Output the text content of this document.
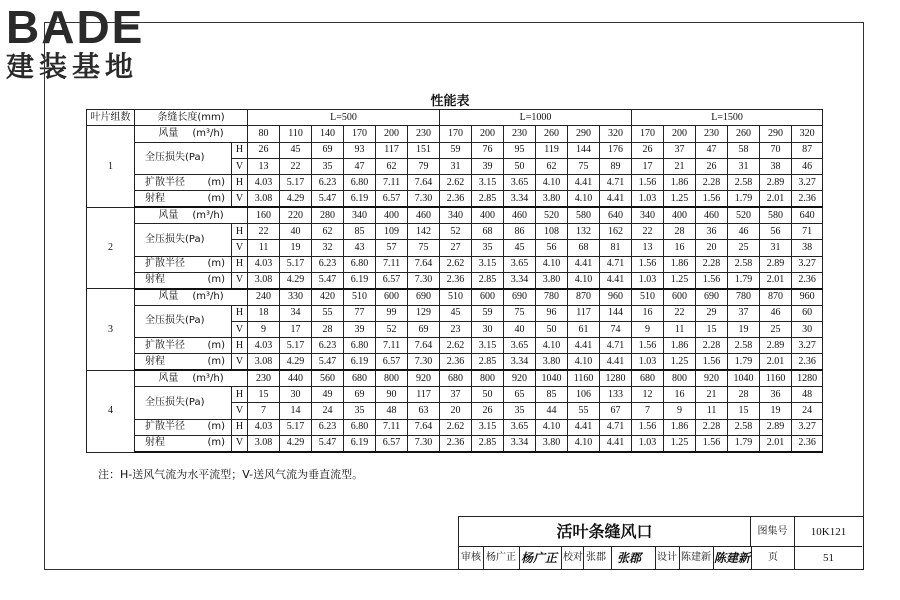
BADE
建装基地
性能表
叶片组数	条缝长度(mm)		L=500						L=1000						L=1500					
1	风量 (m³/h)		80	110	140	170	200	230	170	200	230	260	290	320	170	200	230	260	290	320
	全压损失(Pa)	H	26	45	69	93	117	151	59	76	95	119	144	176	26	37	47	58	70	87
		V	13	22	35	47	62	79	31	39	50	62	75	89	17	21	26	31	38	46
	扩散半径 (m)	H	4.03	5.17	6.23	6.80	7.11	7.64	2.62	3.15	3.65	4.10	4.41	4.71	1.56	1.86	2.28	2.58	2.89	3.27
	射程 (m)	V	3.08	4.29	5.47	6.19	6.57	7.30	2.36	2.85	3.34	3.80	4.10	4.41	1.03	1.25	1.56	1.79	2.01	2.36
2	风量 (m³/h)		160	220	280	340	400	460	340	400	460	520	580	640	340	400	460	520	580	640
	全压损失(Pa)	H	22	40	62	85	109	142	52	68	86	108	132	162	22	28	36	46	56	71
		V	11	19	32	43	57	75	27	35	45	56	68	81	13	16	20	25	31	38
	扩散半径 (m)	H	4.03	5.17	6.23	6.80	7.11	7.64	2.62	3.15	3.65	4.10	4.41	4.71	1.56	1.86	2.28	2.58	2.89	3.27
	射程 (m)	V	3.08	4.29	5.47	6.19	6.57	7.30	2.36	2.85	3.34	3.80	4.10	4.41	1.03	1.25	1.56	1.79	2.01	2.36
3	风量 (m³/h)		240	330	420	510	600	690	510	600	690	780	870	960	510	600	690	780	870	960
	全压损失(Pa)	H	18	34	55	77	99	129	45	59	75	96	117	144	16	22	29	37	46	60
		V	9	17	28	39	52	69	23	30	40	50	61	74	9	11	15	19	25	30
	扩散半径 (m)	H	4.03	5.17	6.23	6.80	7.11	7.64	2.62	3.15	3.65	4.10	4.41	4.71	1.56	1.86	2.28	2.58	2.89	3.27
	射程 (m)	V	3.08	4.29	5.47	6.19	6.57	7.30	2.36	2.85	3.34	3.80	4.10	4.41	1.03	1.25	1.56	1.79	2.01	2.36
4	风量 (m³/h)		230	440	560	680	800	920	680	800	920	1040	1160	1280	680	800	920	1040	1160	1280
	全压损失(Pa)	H	15	30	49	69	90	117	37	50	65	85	106	133	12	16	21	28	36	48
		V	7	14	24	35	48	63	20	26	35	44	55	67	7	9	11	15	19	24
	扩散半径 (m)	H	4.03	5.17	6.23	6.80	7.11	7.64	2.62	3.15	3.65	4.10	4.41	4.71	1.56	1.86	2.28	2.58	2.89	3.27
	射程 (m)	V	3.08	4.29	5.47	6.19	6.57	7.30	2.36	2.85	3.34	3.80	4.10	4.41	1.03	1.25	1.56	1.79	2.01	2.36
注：H-送风气流为水平流型；V-送风气流为垂直流型。
活叶条缝风口	图集号	10K121
页	51
审核 杨广正 杨广正 校对 张郡 张郡 设计 陈建新 陈建新
